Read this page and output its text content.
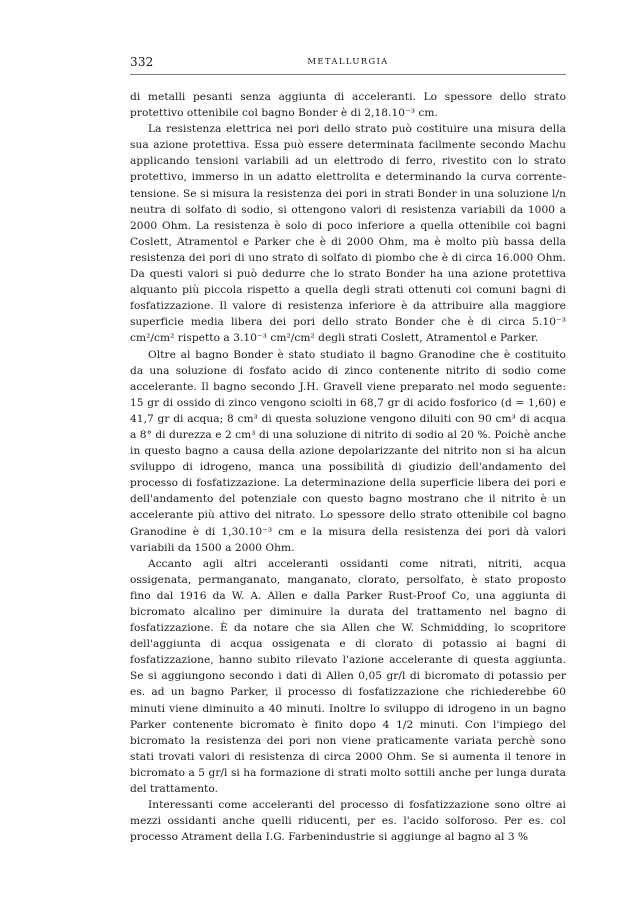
332	METALLURGIA

di metalli pesanti senza aggiunta di acceleranti. Lo spessore dello strato protettivo ottenibile col bagno Bonder è di 2,18.10⁻³ cm.

La resistenza elettrica nei pori dello strato può costituire una misura della sua azione protettiva. Essa può essere determinata facilmente secondo Machu applicando tensioni variabili ad un elettrodo di ferro, rivestito con lo strato protettivo, immerso in un adatto elettrolita e determinando la curva corrente-tensione. Se si misura la resistenza dei pori in strati Bonder in una soluzione l/n neutra di solfato di sodio, si ottengono valori di resistenza variabili da 1000 a 2000 Ohm. La resistenza è solo di poco inferiore a quella ottenibile coi bagni Coslett, Atramentol e Parker che è di 2000 Ohm, ma è molto più bassa della resistenza dei pori di uno strato di solfato di piombo che è di circa 16.000 Ohm. Da questi valori si può dedurre che lo strato Bonder ha una azione protettiva alquanto più piccola rispetto a quella degli strati ottenuti coi comuni bagni di fosfatizzazione. Il valore di resistenza inferiore è da attribuire alla maggiore superficie media libera dei pori dello strato Bonder che è di circa 5.10⁻³ cm²/cm² rispetto a 3.10⁻³ cm²/cm² degli strati Coslett, Atramentol e Parker.

Oltre al bagno Bonder è stato studiato il bagno Granodine che è costituito da una soluzione di fosfato acido di zinco contenente nitrito di sodio come accelerante. Il bagno secondo J.H. Gravell viene preparato nel modo seguente: 15 gr di ossido di zinco vengono sciolti in 68,7 gr di acido fosforico (d = 1,60) e 41,7 gr di acqua; 8 cm³ di questa soluzione vengono diluiti con 90 cm³ di acqua a 8° di durezza e 2 cm³ di una soluzione di nitrito di sodio al 20 %. Poichè anche in questo bagno a causa della azione depolarizzante del nitrito non si ha alcun sviluppo di idrogeno, manca una possibilità di giudizio dell'andamento del processo di fosfatizzazione. La determinazione della superficie libera dei pori e dell'andamento del potenziale con questo bagno mostrano che il nitrito è un accelerante più attivo del nitrato. Lo spessore dello strato ottenibile col bagno Granodine è di 1,30.10⁻³ cm e la misura della resistenza dei pori dà valori variabili da 1500 a 2000 Ohm.

Accanto agli altri acceleranti ossidanti come nitrati, nitriti, acqua ossigenata, permanganato, manganato, clorato, persolfato, è stato proposto fino dal 1916 da W. A. Allen e dalla Parker Rust-Proof Co, una aggiunta di bicromato alcalino per diminuire la durata del trattamento nel bagno di fosfatizzazione. È da notare che sia Allen che W. Schmidding, lo scopritore dell'aggiunta di acqua ossigenata e di clorato di potassio ai bagni di fosfatizzazione, hanno subito rilevato l'azione accelerante di questa aggiunta. Se si aggiungono secondo i dati di Allen 0,05 gr/l di bicromato di potassio per es. ad un bagno Parker, il processo di fosfatizzazione che richiederebbe 60 minuti viene diminuito a 40 minuti. Inoltre lo sviluppo di idrogeno in un bagno Parker contenente bicromato è finito dopo 4 1/2 minuti. Con l'impiego del bicromato la resistenza dei pori non viene praticamente variata perchè sono stati trovati valori di resistenza di circa 2000 Ohm. Se si aumenta il tenore in bicromato a 5 gr/l si ha formazione di strati molto sottili anche per lunga durata del trattamento.

Interessanti come acceleranti del processo di fosfatizzazione sono oltre ai mezzi ossidanti anche quelli riducenti, per es. l'acido solforoso. Per es. col processo Atrament della I.G. Farbenindustrie si aggiunge al bagno al 3 %
